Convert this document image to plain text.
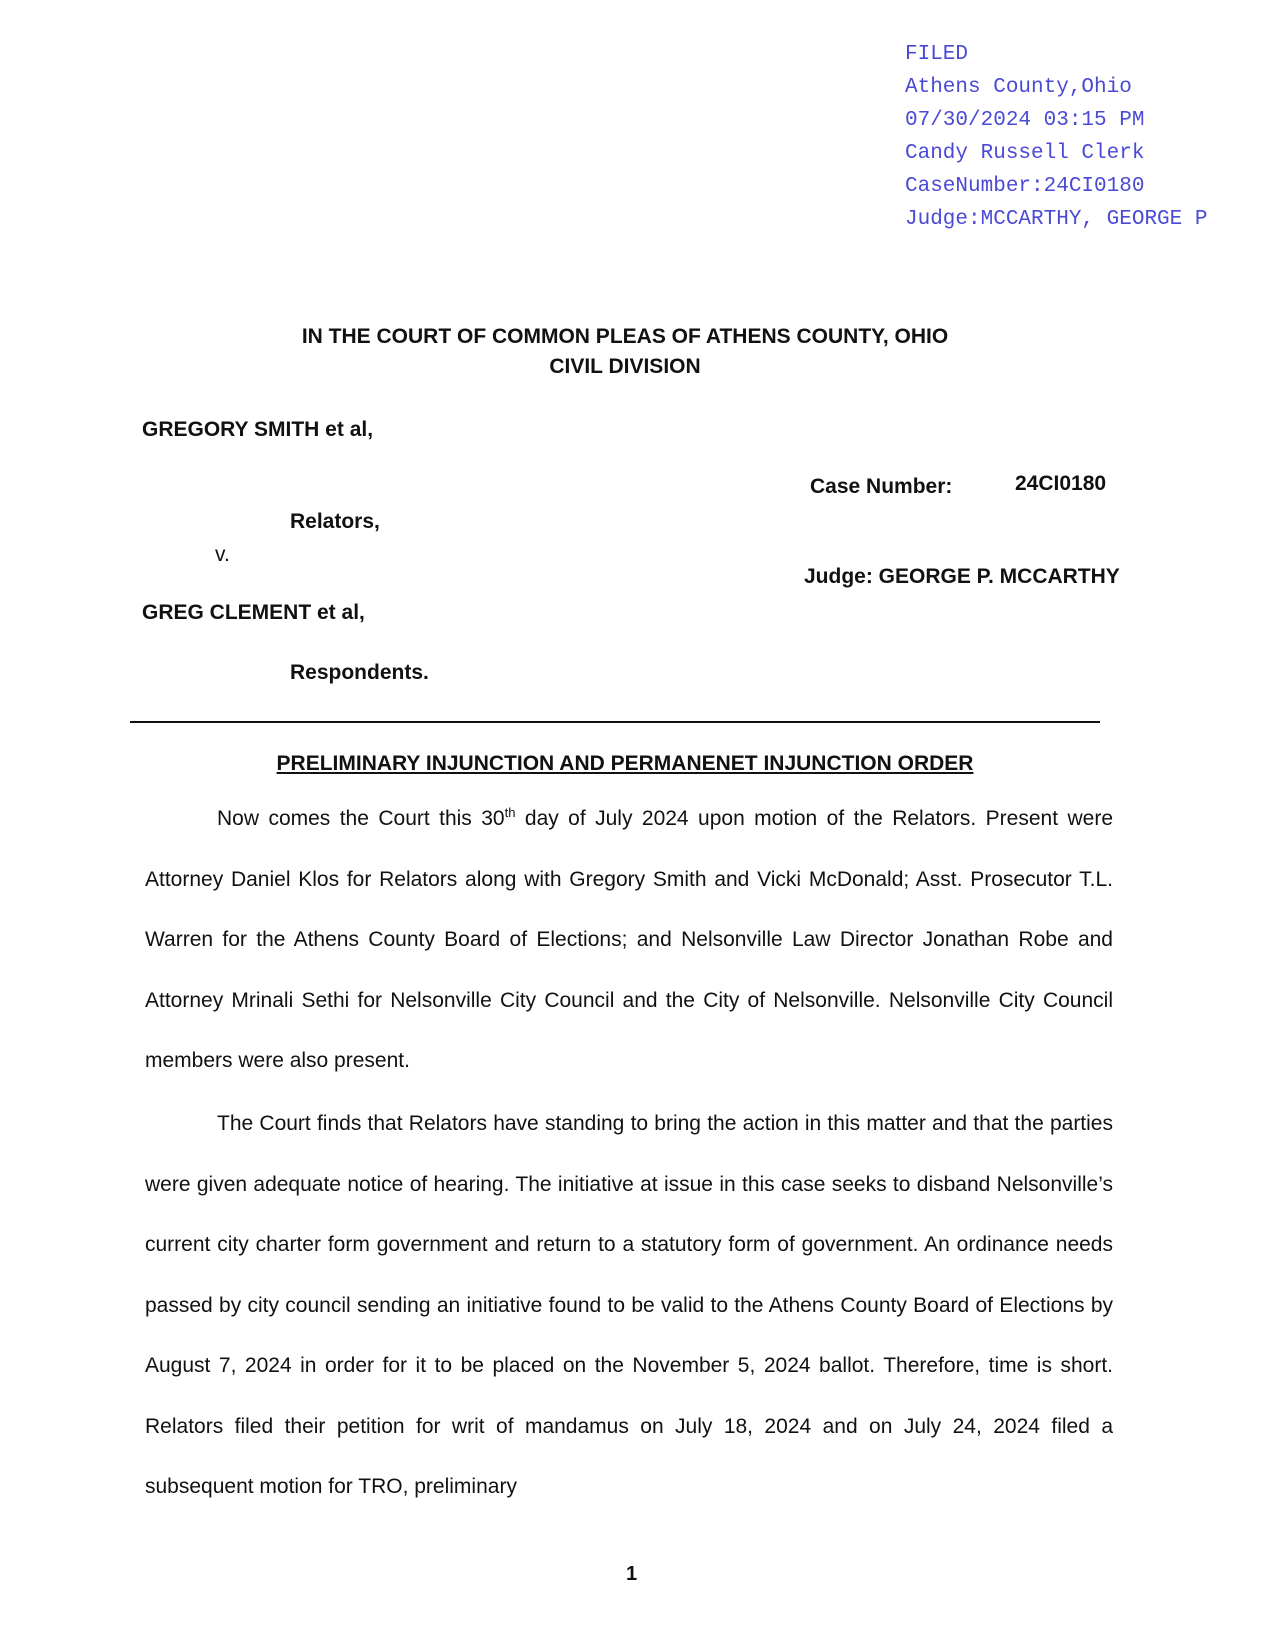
FILED
Athens County,Ohio
07/30/2024 03:15 PM
Candy Russell Clerk
CaseNumber:24CI0180
Judge:MCCARTHY, GEORGE P
IN THE COURT OF COMMON PLEAS OF ATHENS COUNTY, OHIO
CIVIL DIVISION
GREGORY SMITH et al,
Relators,
v.
GREG CLEMENT et al,
Respondents.
Case Number:	24CI0180
Judge: GEORGE P. MCCARTHY
PRELIMINARY INJUNCTION AND PERMANENET INJUNCTION ORDER

Now comes the Court this 30th day of July 2024 upon motion of the Relators. Present were Attorney Daniel Klos for Relators along with Gregory Smith and Vicki McDonald; Asst. Prosecutor T.L. Warren for the Athens County Board of Elections; and Nelsonville Law Director Jonathan Robe and Attorney Mrinali Sethi for Nelsonville City Council and the City of Nelsonville. Nelsonville City Council members were also present.

The Court finds that Relators have standing to bring the action in this matter and that the parties were given adequate notice of hearing. The initiative at issue in this case seeks to disband Nelsonville’s current city charter form government and return to a statutory form of government. An ordinance needs passed by city council sending an initiative found to be valid to the Athens County Board of Elections by August 7, 2024 in order for it to be placed on the November 5, 2024 ballot. Therefore, time is short. Relators filed their petition for writ of mandamus on July 18, 2024 and on July 24, 2024 filed a subsequent motion for TRO, preliminary

1
